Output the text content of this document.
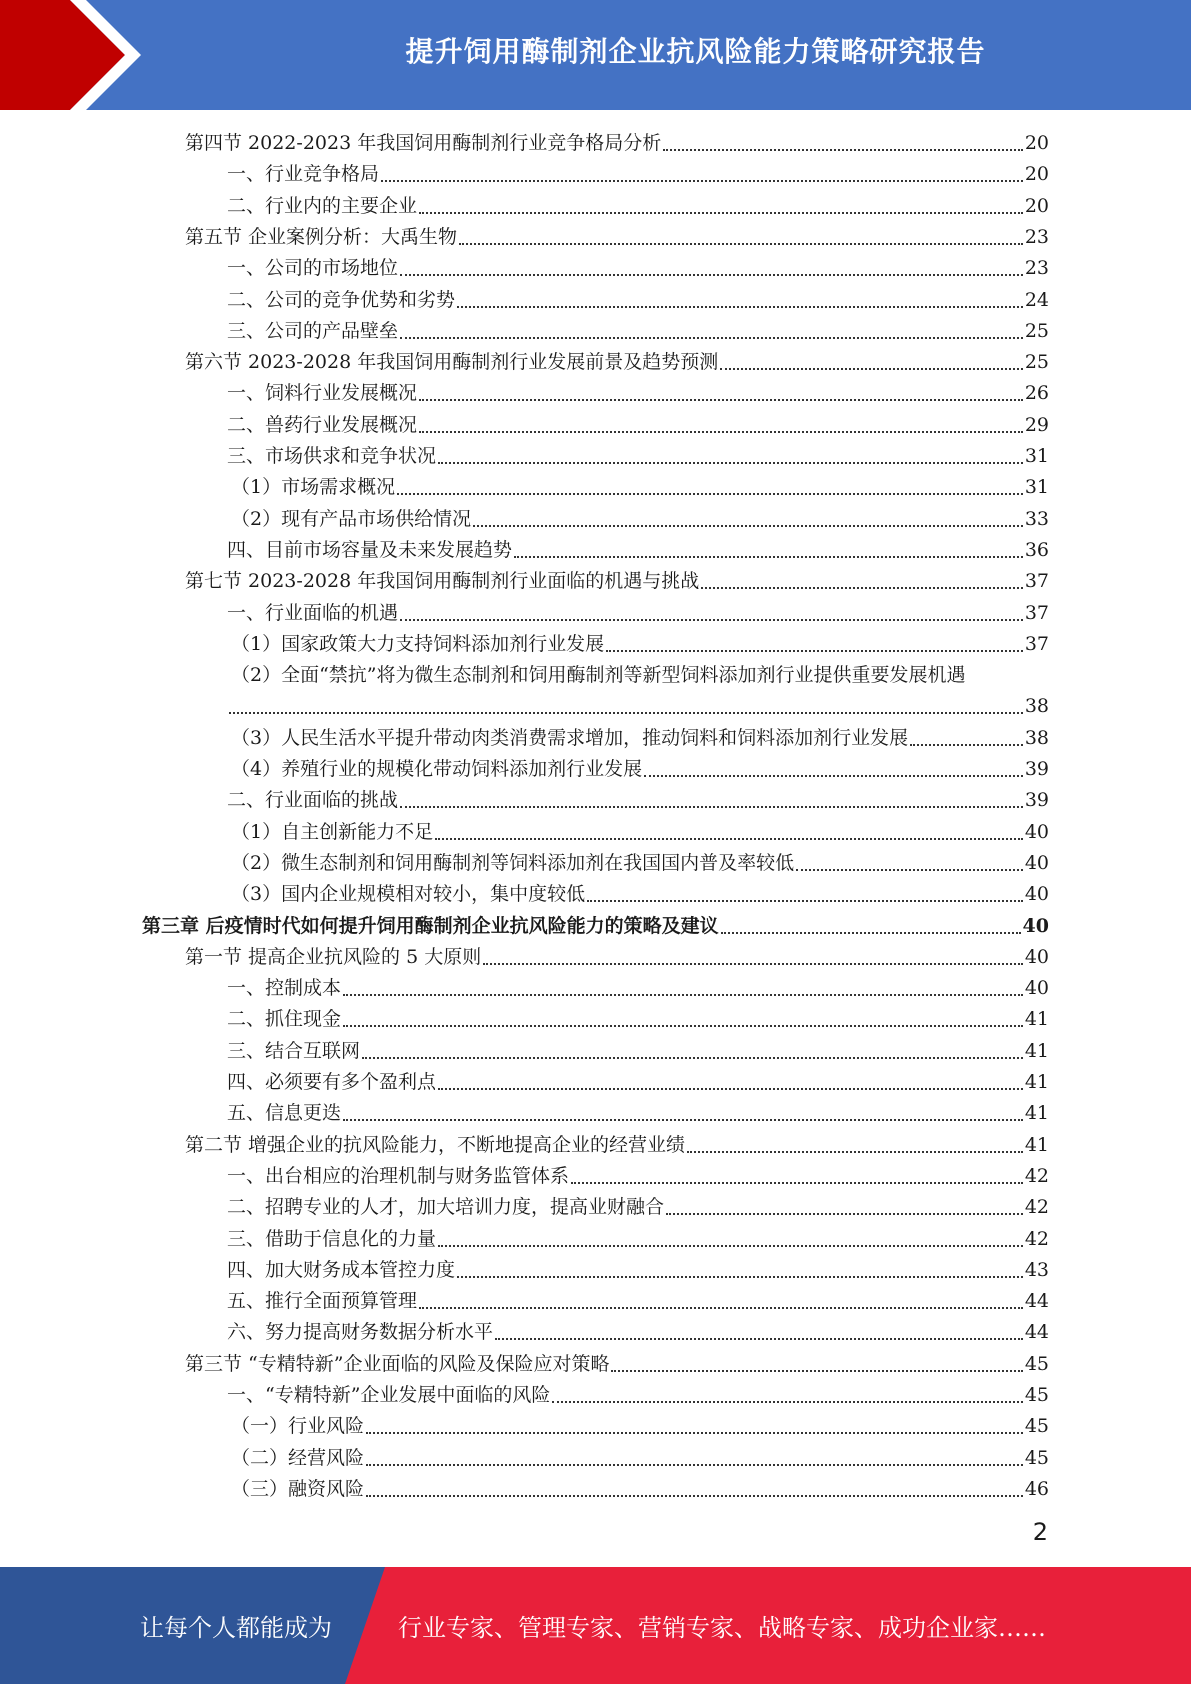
提升饲用酶制剂企业抗风险能力策略研究报告
第四节 2022-2023 年我国饲用酶制剂行业竞争格局分析	20
一、行业竞争格局	20
二、行业内的主要企业	20
第五节 企业案例分析：大禹生物	23
一、公司的市场地位	23
二、公司的竞争优势和劣势	24
三、公司的产品壁垒	25
第六节 2023-2028 年我国饲用酶制剂行业发展前景及趋势预测	25
一、饲料行业发展概况	26
二、兽药行业发展概况	29
三、市场供求和竞争状况	31
（1）市场需求概况	31
（2）现有产品市场供给情况	33
四、目前市场容量及未来发展趋势	36
第七节 2023-2028 年我国饲用酶制剂行业面临的机遇与挑战	37
一、行业面临的机遇	37
（1）国家政策大力支持饲料添加剂行业发展	37
（2）全面“禁抗”将为微生态制剂和饲用酶制剂等新型饲料添加剂行业提供重要发展机遇
38
（3）人民生活水平提升带动肉类消费需求增加，推动饲料和饲料添加剂行业发展	38
（4）养殖行业的规模化带动饲料添加剂行业发展	39
二、行业面临的挑战	39
（1）自主创新能力不足	40
（2）微生态制剂和饲用酶制剂等饲料添加剂在我国国内普及率较低	40
（3）国内企业规模相对较小，集中度较低	40
第三章 后疫情时代如何提升饲用酶制剂企业抗风险能力的策略及建议	40
第一节 提高企业抗风险的 5 大原则	40
一、控制成本	40
二、抓住现金	41
三、结合互联网	41
四、必须要有多个盈利点	41
五、信息更迭	41
第二节 增强企业的抗风险能力，不断地提高企业的经营业绩	41
一、出台相应的治理机制与财务监管体系	42
二、招聘专业的人才，加大培训力度，提高业财融合	42
三、借助于信息化的力量	42
四、加大财务成本管控力度	43
五、推行全面预算管理	44
六、努力提高财务数据分析水平	44
第三节 “专精特新”企业面临的风险及保险应对策略	45
一、“专精特新”企业发展中面临的风险	45
（一）行业风险	45
（二）经营风险	45
（三）融资风险	46
2
让每个人都能成为	行业专家、管理专家、营销专家、战略专家、成功企业家……
